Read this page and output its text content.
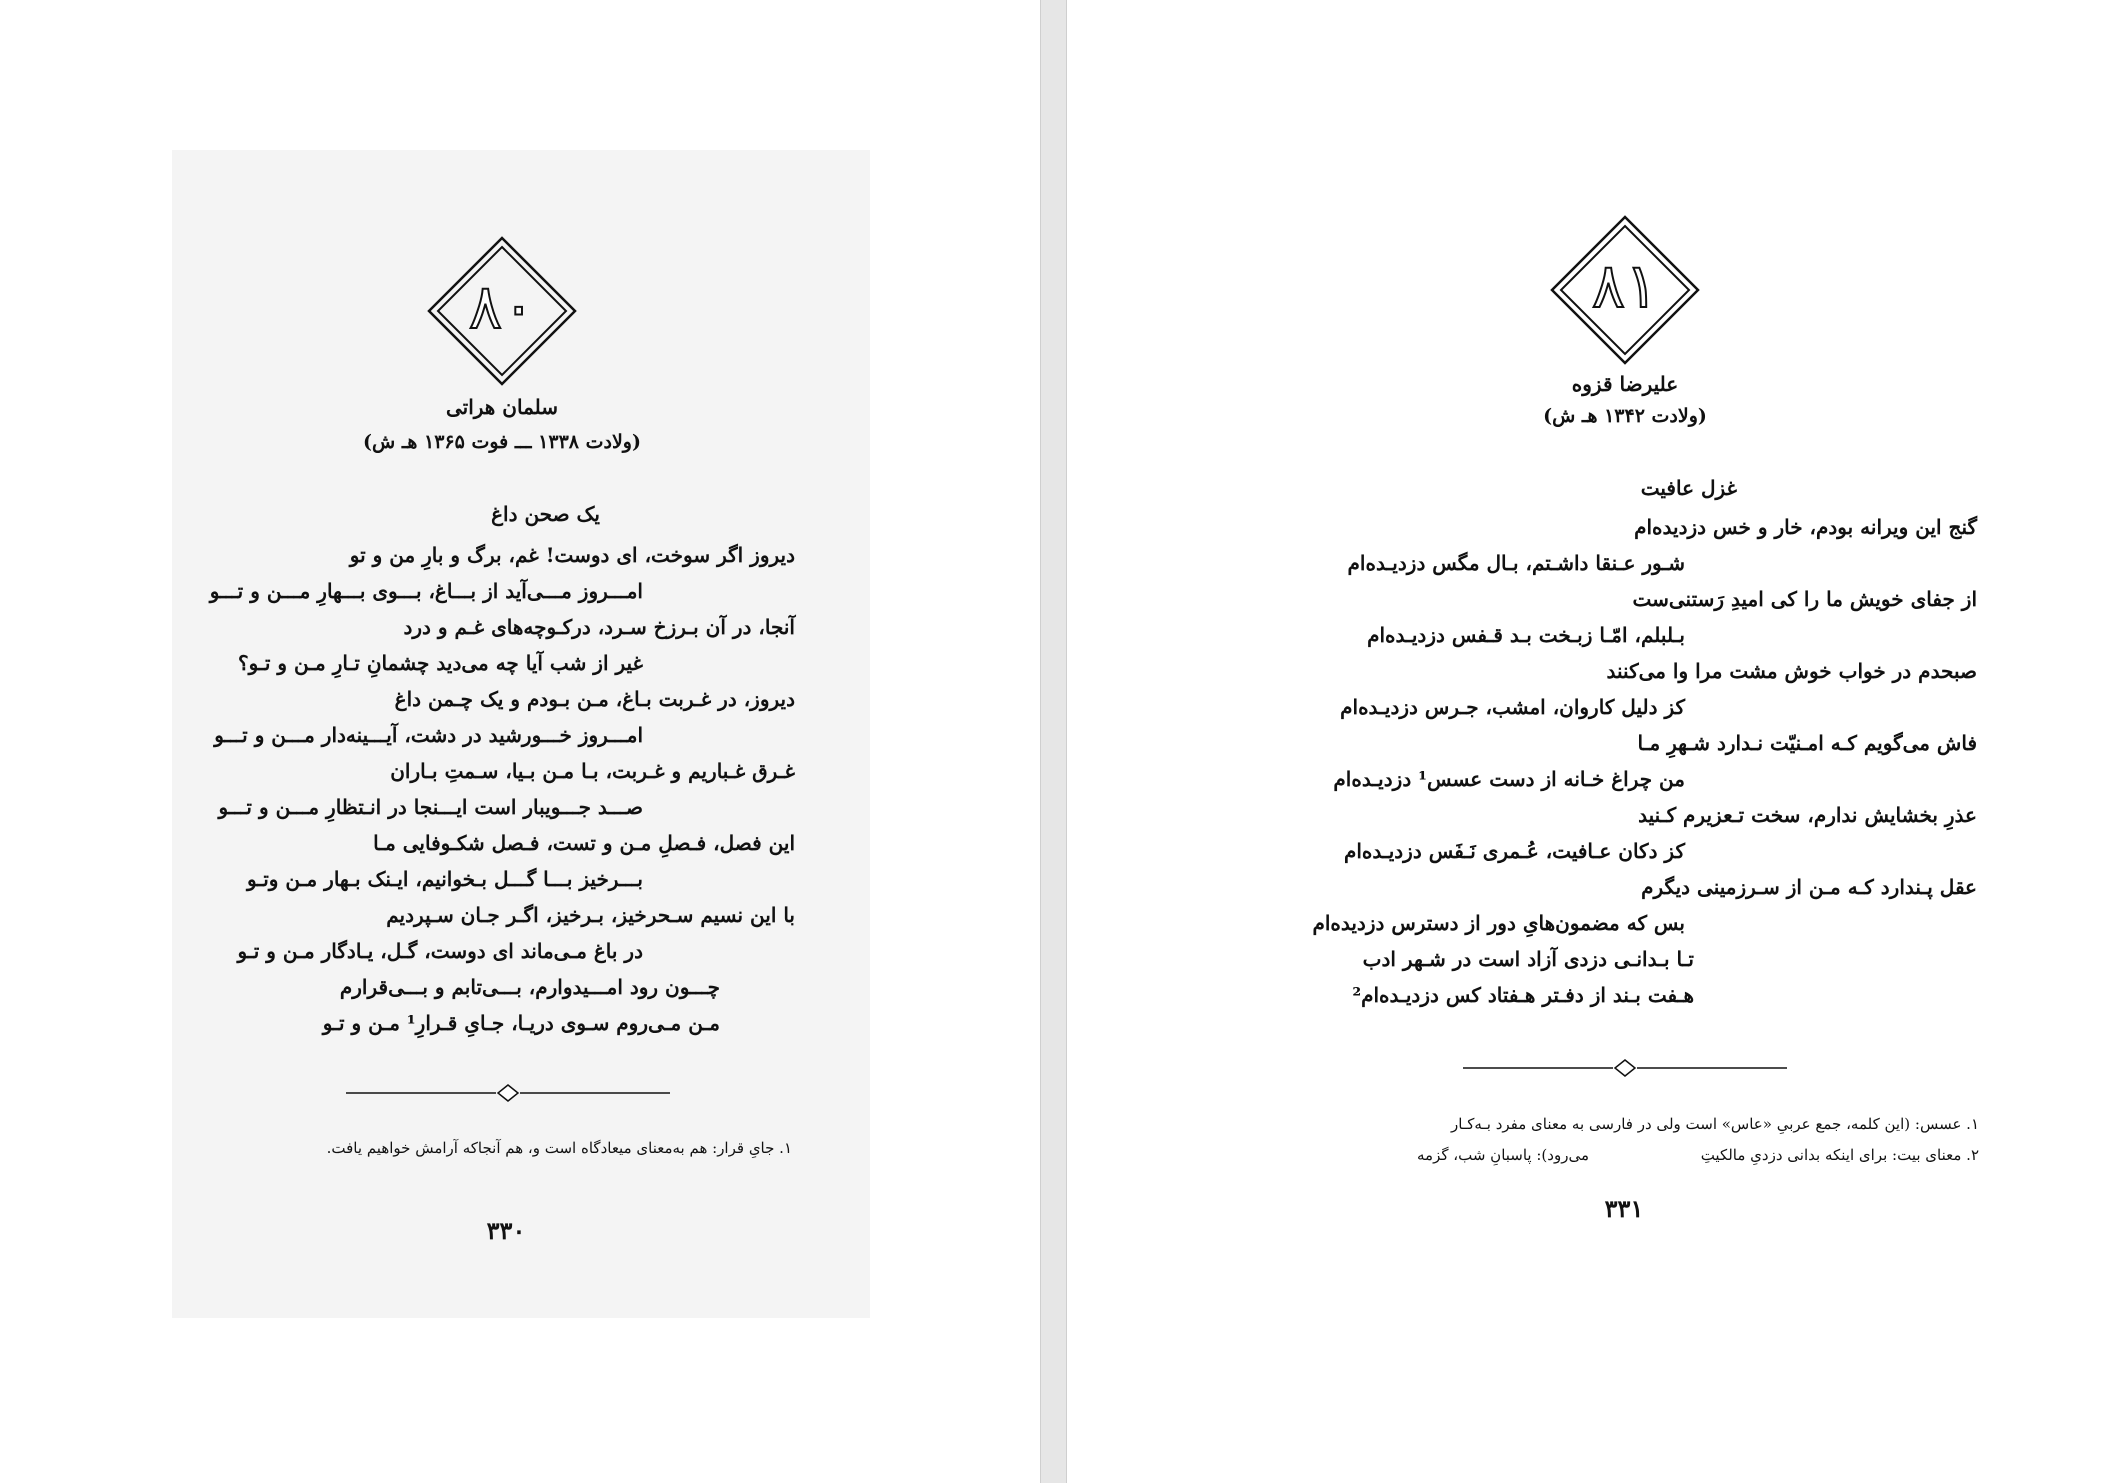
۸۰
سلمان هراتی
(ولادت ۱۳۳۸ ـــ فوت ۱۳۶۵ هـ ش)
یک صحن داغ
دیروز اگر سوخت، ای دوست! غم، برگ و بارِ من و تو
امـــروز مـــی‌آید از بـــاغ، بـــوی بـــهارِ مـــن و تـــو
آنجا، در آن بـرزخ سـرد، درکـوچه‌های غـم و درد
غیر از شب آیا چه می‌دید چشمانِ تـارِ مـن و تـو؟
دیروز، در غـربت بـاغ، مـن بـودم و یک چـمن داغ
امـــروز خـــورشید در دشت، آیـــینه‌دار مـــن و تـــو
غـرق غـباریم و غـربت، بـا مـن بـیا، سـمتِ بـاران
صـــد جـــویبار است ایـــنجا در انـتظارِ مـــن و تـــو
این فصل، فـصلِ مـن و تست، فـصل شکـوفایی مـا
بـــرخیز بـــا گـــل بـخوانیم، ایـنک بـهار مـن وتـو
با این نسیم سـحرخیز، بـرخیز، اگـر جـان سـپردیم
در باغ مـی‌ماند ای دوست، گـل، یـادگار مـن و تـو
چـــون رود امـــیدوارم، بـــی‌تابم و بـــی‌قرارم
مـن مـی‌روم سـوی دریـا، جـایِ قـرارِ¹ مـن و تـو
۱. جایِ قرار: هم به‌معنای میعادگاه است و، هم آنجاکه آرامش خواهیم یافت.
۳۳۰
۸۱
علیرضا قزوه
(ولادت ۱۳۴۲ هـ ش)
غزل عافیت
گنج این ویرانه بودم، خار و خس دزدیده‌ام
شـور عـنقا داشـتم، بـال مگس دزدیـده‌ام
از جفای خویش ما را کی امیدِ رَستنی‌ست
بـلبلم، امّـا زبـخت بـد قـفس دزدیـده‌ام
صبحدم در خواب خوش مشت مرا وا می‌کنند
کز دلیل کاروان، امشب، جـرس دزدیـده‌ام
فاش می‌گویم کـه امـنیّت نـدارد شـهرِ مـا
من چراغ خـانه از دست عسس¹ دزدیـده‌ام
عذرِ بخشایش ندارم، سخت تـعزیرم کـنید
کز دکان عـافیت، عُـمری نَـفَس دزدیـده‌ام
عقل پـندارد کـه مـن از سـرزمینی دیگرم
بس که مضمون‌هایِ دور از دسترس دزدیده‌ام
تـا بـدانـی دزدی آزاد است در شـهر ادب
هـفت بـند از دفـتر هـفتاد کس دزدیـده‌ام²
۱. عسس: (این کلمه، جمع عربیِ «عاس» است ولی در فارسی به معنای مفرد بـه‌کـار
۲. معنای بیت: برای اینکه بدانی دزدیِ مالکیتِ
می‌رود): پاسبانِ شب، گزمه
۳۳۱
